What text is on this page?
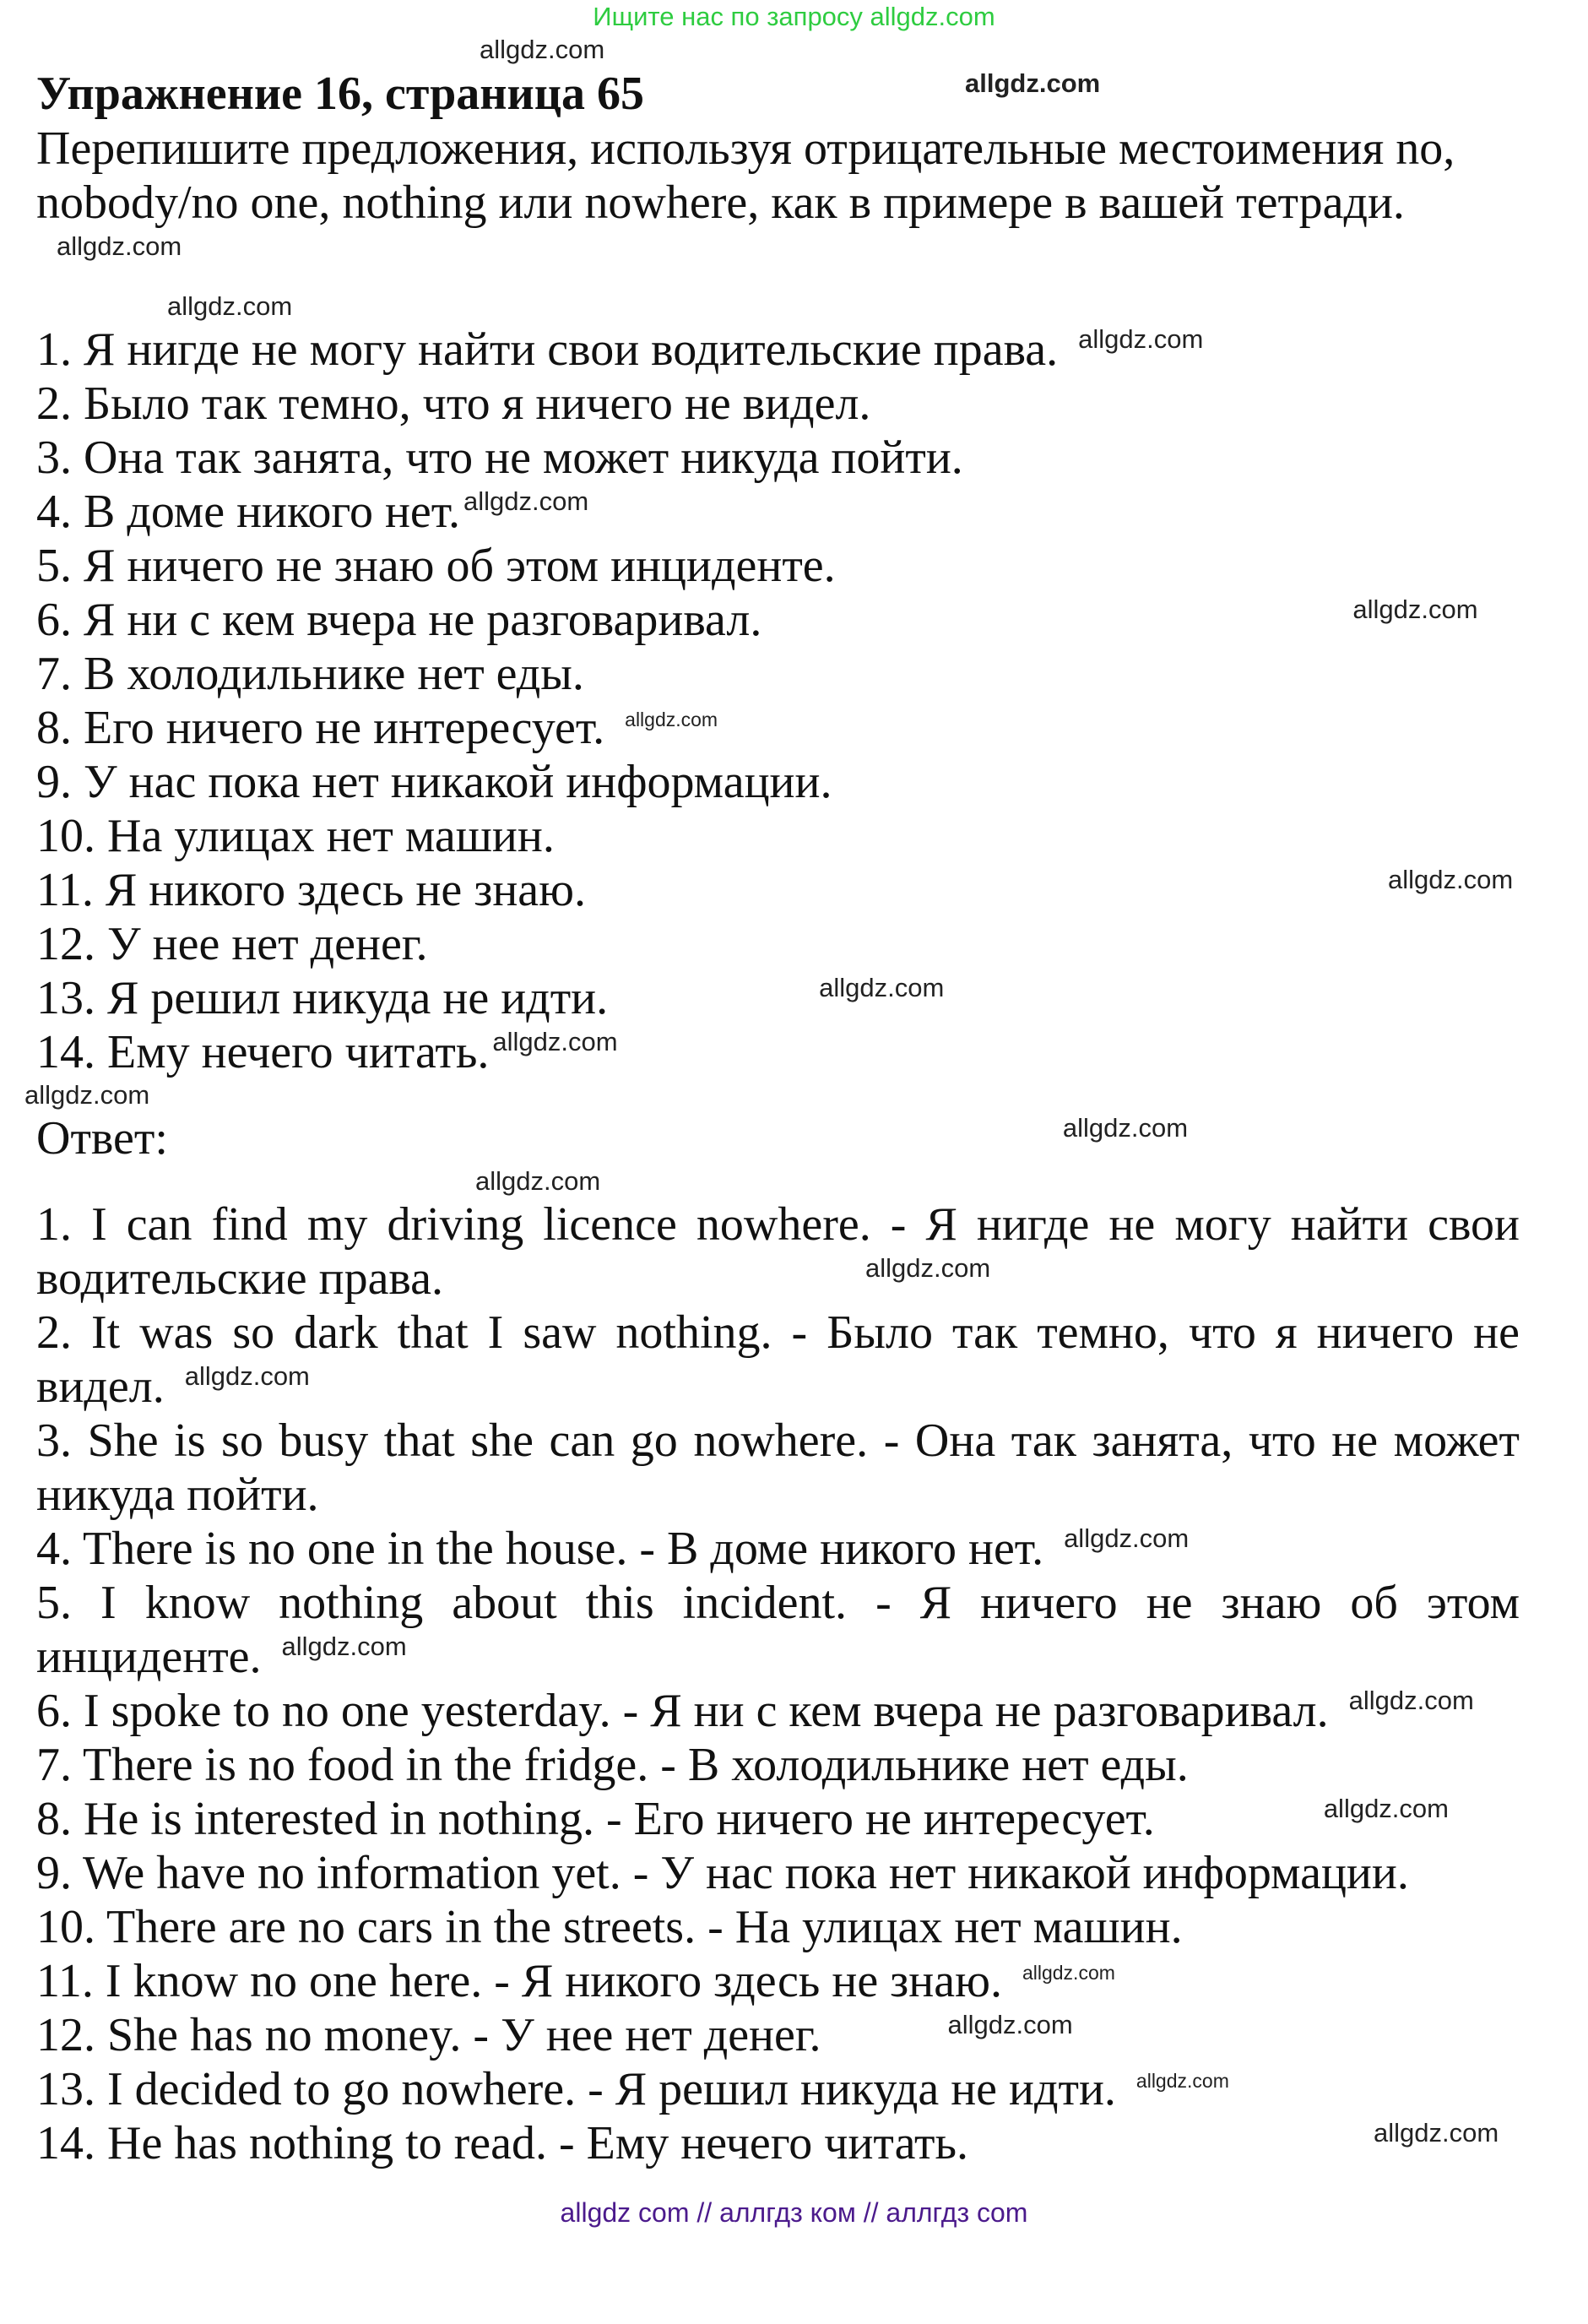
Ищите нас по запросу allgdz.com
allgdz.com
Упражнение 16, страница 65	allgdz.com
Перепишите предложения, используя отрицательные местоимения no, nobody/no one, nothing или nowhere, как в примере в вашей тетради.allgdz.com
allgdz.com
1. Я нигде не могу найти свои водительские права. allgdz.com
2. Было так темно, что я ничего не видел.
3. Она так занята, что не может никуда пойти.
4. В доме никого нет. allgdz.com
5. Я ничего не знаю об этом инциденте.
6. Я ни с кем вчера не разговаривал.	allgdz.com
7. В холодильнике нет еды.
8. Его ничего не интересует. allgdz.com
9. У нас пока нет никакой информации.
10. На улицах нет машин.
11. Я никого здесь не знаю.	allgdz.com
12. У нее нет денег.
13. Я решил никуда не идти.	allgdz.com
14. Ему нечего читать. allgdz.com
allgdz.com
Ответ:	allgdz.com
allgdz.com
1. I can find my driving licence nowhere. - Я нигде не могу найти свои водительские права.	allgdz.com
2. It was so dark that I saw nothing. - Было так темно, что я ничего не видел. allgdz.com
3. She is so busy that she can go nowhere. - Она так занята, что не может никуда пойти.
4. There is no one in the house. - В доме никого нет. allgdz.com
5. I know nothing about this incident. - Я ничего не знаю об этом инциденте. allgdz.com
6. I spoke to no one yesterday. - Я ни с кем вчера не разговаривал. allgdz.com
7. There is no food in the fridge. - В холодильнике нет еды.
8. He is interested in nothing. - Его ничего не интересует.	allgdz.com
9. We have no information yet. - У нас пока нет никакой информации.
10. There are no cars in the streets. - На улицах нет машин.
11. I know no one here. - Я никого здесь не знаю. allgdz.com
12. She has no money. - У нее нет денег.	allgdz.com
13. I decided to go nowhere. - Я решил никуда не идти. allgdz.com
14. He has nothing to read. - Ему нечего читать.	allgdz.com
allgdz com // аллгдз ком // аллгдз com
